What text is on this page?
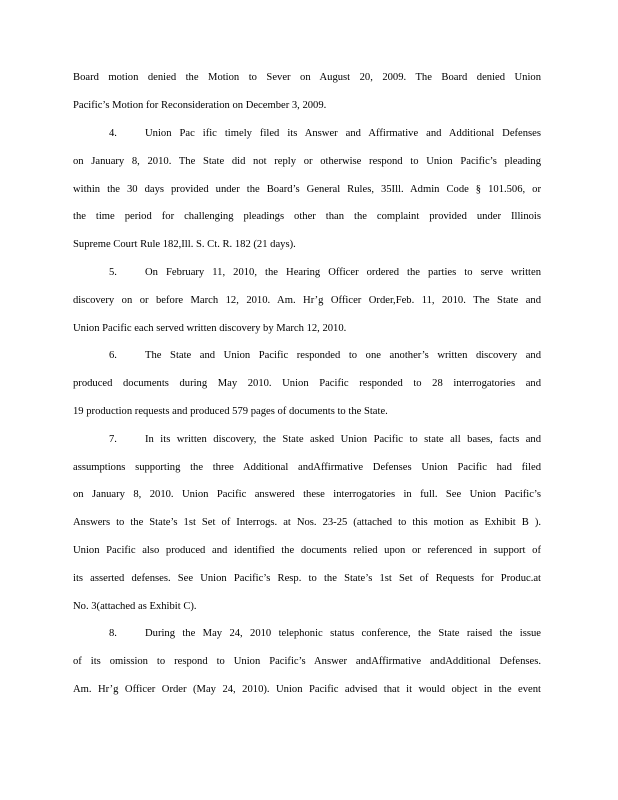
Board motion denied the Motion to Sever on August 20, 2009. The Board denied Union
Pacific’s Motion for Reconsideration on December 3, 2009.
4.	Union Pac ific timely filed its Answer and Affirmative and Additional Defenses
on January 8, 2010. The State did not reply or otherwise respond to Union Pacific’s pleading
within the 30 days provided under the Board’s General Rules, 35Ill. Admin Code § 101.506, or
the time period for challenging pleadings other than the complaint provided under Illinois
Supreme Court Rule 182,Ill. S. Ct. R. 182 (21 days).
5.	On February 11, 2010, the Hearing Officer ordered the parties to serve written
discovery on or before March 12, 2010. Am. Hr’g Officer Order,Feb. 11, 2010. The State and
Union Pacific each served written discovery by March 12, 2010.
6.	The State and Union Pacific responded to one another’s written discovery and
produced documents during May 2010. Union Pacific responded to 28 interrogatories and
19 production requests and produced 579 pages of documents to the State.
7.	In its written discovery, the State asked Union Pacific to state all bases, facts and
assumptions supporting the three Additional andAffirmative Defenses Union Pacific had filed
on January 8, 2010. Union Pacific answered these interrogatories in full. See Union Pacific’s
Answers to the State’s 1st Set of Interrogs. at Nos. 23-25 (attached to this motion as Exhibit B ).
Union Pacific also produced and identified the documents relied upon or referenced in support of
its asserted defenses. See Union Pacific’s Resp. to the State’s 1st Set of Requests for Produc.at
No. 3(attached as Exhibit C).
8.	During the May 24, 2010 telephonic status conference, the State raised the issue
of its omission to respond to Union Pacific’s Answer andAffirmative andAdditional Defenses.
Am. Hr’g Officer Order (May 24, 2010). Union Pacific advised that it would object in the event
